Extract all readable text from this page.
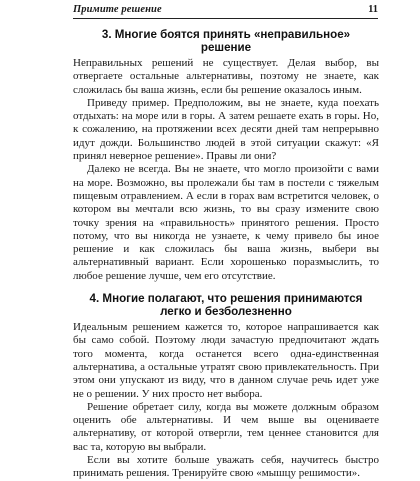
Примите решение	11
3. Многие боятся принять «неправильное» решение

Неправильных решений не существует. Делая выбор, вы отвергаете остальные альтернативы, поэтому не знаете, как сложилась бы ваша жизнь, если бы решение оказалось иным.

Приведу пример. Предположим, вы не знаете, куда поехать отдыхать: на море или в горы. А затем решаете ехать в горы. Но, к сожалению, на протяжении всех десяти дней там непрерывно идут дожди. Большинство людей в этой ситуации скажут: «Я принял неверное решение». Правы ли они?

Далеко не всегда. Вы не знаете, что могло произойти с вами на море. Возможно, вы пролежали бы там в постели с тяжелым пищевым отравлением. А если в горах вам встретится человек, о котором вы мечтали всю жизнь, то вы сразу измените свою точку зрения на «правильность» принятого решения. Просто потому, что вы никогда не узнаете, к чему привело бы иное решение и как сложилась бы ваша жизнь, выбери вы альтернативный вариант. Если хорошенько поразмыслить, то любое решение лучше, чем его отсутствие.

4. Многие полагают, что решения принимаются легко и безболезненно

Идеальным решением кажется то, которое напрашивается как бы само собой. Поэтому люди зачастую предпочитают ждать того момента, когда останется всего одна-единственная альтернатива, а остальные утратят свою привлекательность. При этом они упускают из виду, что в данном случае речь идет уже не о решении. У них просто нет выбора.

Решение обретает силу, когда вы можете должным образом оценить обе альтернативы. И чем выше вы оцениваете альтернативу, от которой отвергли, тем ценнее становится для вас та, которую вы выбрали.

Если вы хотите больше уважать себя, научитесь быстро принимать решения. Тренируйте свою «мышцу решимости».
